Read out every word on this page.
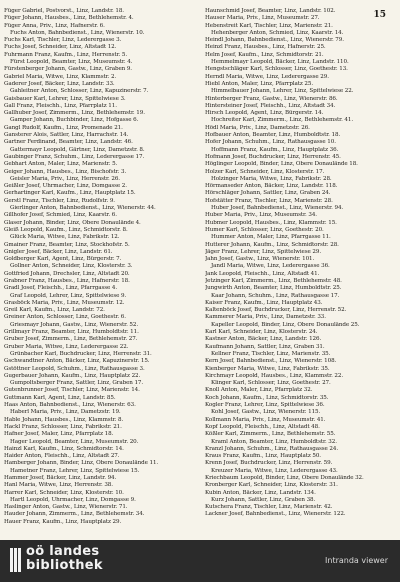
15
Füger Gabriel, Postvorst., Linz, Landstr. 18.
Füger Johann, Hausbes., Linz, Bethlehemstr. 4.
Füger Anna, Priv., Linz, Hafnerstr. 6.
Fuchs Anton, Bahnbedienst., Linz, Wienerstr. 10.
Fuchs Karl, Tischler, Linz, Lederergasse 3.
Fuchs Josef, Schneider, Linz, Altstadt 12.
Fuhrmann Franz, Kaufm., Linz, Herrenstr. 5.
Fürst Leopold, Beamter, Linz, Museumstr. 4.
Fürstenberger Johann, Gastw., Linz, Graben 9.
Gabriel Maria, Witwe, Linz, Klammstr. 2.
Gaderer Josef, Bäcker, Linz, Landstr. 33.
Gahleitner Anton, Schlosser, Linz, Kapuzinerstr. 7.
Gaisbauer Karl, Lehrer, Linz, Spittelwiese 3.
Gall Franz, Fleischh., Linz, Pfarrplatz 11.
Gallhuber Josef, Zimmerm., Linz, Bethlehemstr. 19.
Gamper Johann, Buchbinder, Linz, Hofgasse 6.
Gangl Rudolf, Kaufm., Linz, Promenade 21.
Gansterer Alois, Sattler, Linz, Harrachstr. 14.
Gartner Ferdinand, Beamter, Linz, Landstr. 46.
Gattermayr Leopold, Gärtner, Linz, Dametzstr. 8.
Gaubinger Franz, Schuhm., Linz, Lederergasse 17.
Gebhart Anton, Maler, Linz, Marienstr. 5.
Geiger Johann, Hausbes., Linz, Bischofstr. 3.
Geisler Maria, Priv., Linz, Herrenstr. 26.
Geißler Josef, Uhrmacher, Linz, Domgasse 2.
Gerhartinger Karl, Kaufm., Linz, Hauptplatz 15.
Gerstl Franz, Tischler, Linz, Rudolfstr. 9.
Gierlinger Anton, Bahnbedienst., Linz, Wienerstr. 44.
Gillhofer Josef, Schmied, Linz, Kaarstr. 6.
Glaser Johann, Binder, Linz, Obere Donaulände 4.
Gleiß Leopold, Kaufm., Linz, Schmidtorstr. 8.
Glück Maria, Witwe, Linz, Fabrikstr. 12.
Gmainer Franz, Beamter, Linz, Stockhofstr. 5.
Gnigler Josef, Bäcker, Linz, Landstr. 61.
Goldberger Karl, Agent, Linz, Bürgerstr. 7.
Gollner Anton, Schneider, Linz, Klosterstr. 3.
Gottfried Johann, Drechsler, Linz, Altstadt 20.
Grabner Franz, Hausbes., Linz, Hafnerstr. 18.
Gradl Josef, Fleischh., Linz, Pfarrgasse 4.
Graf Leopold, Lehrer, Linz, Spittelwiese 9.
Grasböck Maria, Priv., Linz, Museumstr. 12.
Greil Karl, Kaufm., Linz, Landstr. 72.
Greiner Anton, Schlosser, Linz, Goethestr. 6.
Griesmayr Johann, Gastw., Linz, Wienerstr. 52.
Grillmayr Franz, Beamter, Linz, Humboldtstr. 11.
Gruber Josef, Zimmerm., Linz, Bethlehemstr. 27.
Gruber Maria, Witwe, Linz, Lederergasse 22.
Grünbacher Karl, Buchdrucker, Linz, Herrenstr. 31.
Gschwandtner Anton, Bäcker, Linz, Kapuzinerstr. 15.
Gstöttner Leopold, Schuhm., Linz, Rathausgasse 3.
Gugerbauer Johann, Kaufm., Linz, Hauptplatz 22.
Gumpoltsberger Franz, Sattler, Linz, Graben 17.
Gutenbrunner Josef, Tischler, Linz, Marienstr. 14.
Guttmann Karl, Agent, Linz, Landstr. 85.
Haas Anton, Bahnbedienst., Linz, Wienerstr. 63.
Haberl Maria, Priv., Linz, Dametzstr. 19.
Hable Johann, Hausbes., Linz, Klammstr. 8.
Hackl Franz, Schlosser, Linz, Fabrikstr. 21.
Hafner Josef, Maler, Linz, Pfarrplatz 18.
Hager Leopold, Beamter, Linz, Museumstr. 20.
Hainzl Karl, Kaufm., Linz, Schmidtorstr. 14.
Haider Anton, Fleischh., Linz, Altstadt 27.
Hamberger Johann, Binder, Linz, Obere Donaulände 11.
Hametner Franz, Lehrer, Linz, Spittelwiese 15.
Hammer Josef, Bäcker, Linz, Landstr. 94.
Hanl Maria, Witwe, Linz, Herrenstr. 38.
Harrer Karl, Schneider, Linz, Klosterstr. 10.
Hartl Leopold, Uhrmacher, Linz, Domgasse 9.
Haslinger Anton, Gastw., Linz, Wienerstr. 71.
Hauder Johann, Zimmerm., Linz, Bethlehemstr. 34.
Hauer Franz, Kaufm., Linz, Hauptplatz 29.
Haunschmid Josef, Beamter, Linz, Landstr. 102.
Hauser Maria, Priv., Linz, Museumstr. 27.
Hebenstreit Karl, Tischler, Linz, Marienstr. 21.
Hehenberger Anton, Schmied, Linz, Kaarstr. 14.
Heindl Johann, Bahnbedienst., Linz, Wienerstr. 79.
Heinzl Franz, Hausbes., Linz, Hafnerstr. 25.
Helm Josef, Kaufm., Linz, Schmidtorstr. 21.
Hemmelmayr Leopold, Bäcker, Linz, Landstr. 110.
Hengstschläger Karl, Schlosser, Linz, Goethestr. 13.
Herndl Maria, Witwe, Linz, Lederergasse 29.
Hiebl Anton, Maler, Linz, Pfarrplatz 25.
Himmelbauer Johann, Lehrer, Linz, Spittelwiese 22.
Hinterberger Franz, Gastw., Linz, Wienerstr. 86.
Hintersteiner Josef, Fleischh., Linz, Altstadt 34.
Hirsch Leopold, Agent, Linz, Bürgerstr. 14.
Hochreiter Karl, Zimmerm., Linz, Bethlehemstr. 41.
Hödl Maria, Priv., Linz, Dametzstr. 26.
Hofbauer Anton, Beamter, Linz, Humboldtstr. 18.
Hofer Johann, Schuhm., Linz, Rathausgasse 10.
Hoffmann Franz, Kaufm., Linz, Hauptplatz 36.
Hofmann Josef, Buchdrucker, Linz, Herrenstr. 45.
Höglinger Leopold, Binder, Linz, Obere Donaulände 18.
Holzer Karl, Schneider, Linz, Klosterstr. 17.
Holzinger Maria, Witwe, Linz, Fabrikstr. 28.
Hörmanseder Anton, Bäcker, Linz, Landstr. 118.
Hörschläger Johann, Sattler, Linz, Graben 24.
Hofstätter Franz, Tischler, Linz, Marienstr. 28.
Huber Josef, Bahnbedienst., Linz, Wienerstr. 94.
Huber Maria, Priv., Linz, Museumstr. 34.
Hubmer Leopold, Hausbes., Linz, Klammstr. 15.
Humer Karl, Schlosser, Linz, Goethestr. 20.
Hummer Anton, Maler, Linz, Pfarrgasse 11.
Hutterer Johann, Kaufm., Linz, Schmidtorstr. 28.
Jäger Franz, Lehrer, Linz, Spittelwiese 29.
Jahn Josef, Gastw., Linz, Wienerstr. 101.
Jandl Maria, Witwe, Linz, Lederergasse 36.
Jank Leopold, Fleischh., Linz, Altstadt 41.
Jetzinger Karl, Zimmerm., Linz, Bethlehemstr. 48.
Jungwirth Anton, Beamter, Linz, Humboldtstr. 25.
Kaar Johann, Schuhm., Linz, Rathausgasse 17.
Kaiser Franz, Kaufm., Linz, Hauptplatz 43.
Kaltenböck Josef, Buchdrucker, Linz, Herrenstr. 52.
Kammerer Maria, Priv., Linz, Dametzstr. 33.
Kapeller Leopold, Binder, Linz, Obere Donaulände 25.
Karl Karl, Schneider, Linz, Klosterstr. 24.
Kastner Anton, Bäcker, Linz, Landstr. 126.
Kaufmann Johann, Sattler, Linz, Graben 31.
Kellner Franz, Tischler, Linz, Marienstr. 35.
Kern Josef, Bahnbedienst., Linz, Wienerstr. 108.
Kienberger Maria, Witwe, Linz, Fabrikstr. 35.
Kirchmayr Leopold, Hausbes., Linz, Klammstr. 22.
Klinger Karl, Schlosser, Linz, Goethestr. 27.
Knoll Anton, Maler, Linz, Pfarrplatz 32.
Koch Johann, Kaufm., Linz, Schmidtorstr. 35.
Kogler Franz, Lehrer, Linz, Spittelwiese 36.
Kohl Josef, Gastw., Linz, Wienerstr. 115.
Kollmann Maria, Priv., Linz, Museumstr. 41.
Kopf Leopold, Fleischh., Linz, Altstadt 48.
Kößler Karl, Zimmerm., Linz, Bethlehemstr. 55.
Kraml Anton, Beamter, Linz, Humboldtstr. 32.
Kranzl Johann, Schuhm., Linz, Rathausgasse 24.
Kraus Franz, Kaufm., Linz, Hauptplatz 50.
Krenn Josef, Buchdrucker, Linz, Herrenstr. 59.
Kreuzer Maria, Witwe, Linz, Lederergasse 43.
Kriechbaum Leopold, Binder, Linz, Obere Donaulände 32.
Kronberger Karl, Schneider, Linz, Klosterstr. 31.
Kubin Anton, Bäcker, Linz, Landstr. 134.
Kurz Johann, Sattler, Linz, Graben 38.
Kutschera Franz, Tischler, Linz, Marienstr. 42.
Lackner Josef, Bahnbedienst., Linz, Wienerstr. 122.
oö landes
bibliothek	Intranda viewer
